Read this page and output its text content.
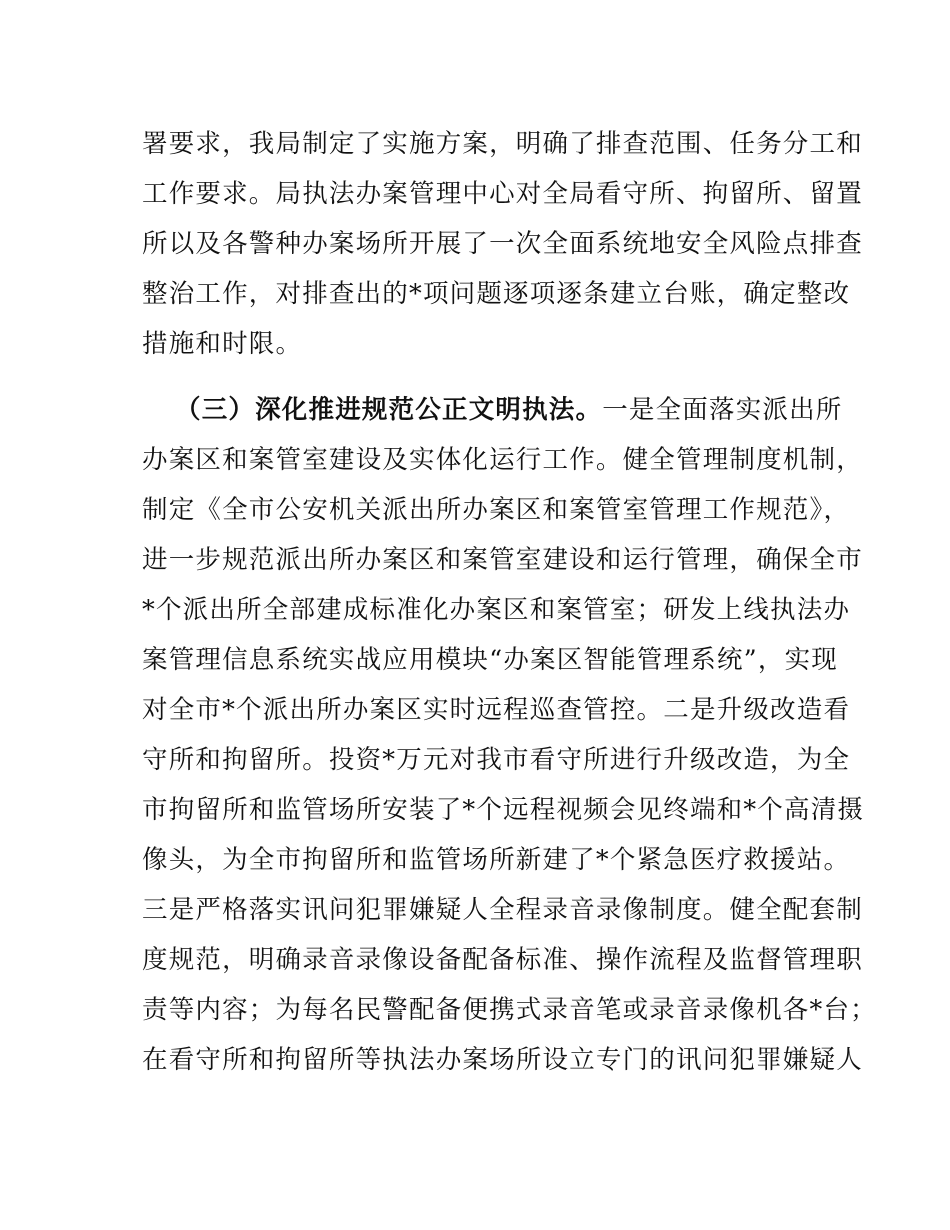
署要求，我局制定了实施方案，明确了排查范围、任务分工和
工作要求。局执法办案管理中心对全局看守所、拘留所、留置
所以及各警种办案场所开展了一次全面系统地安全风险点排查
整治工作，对排查出的*项问题逐项逐条建立台账，确定整改
措施和时限。
（三）深化推进规范公正文明执法。一是全面落实派出所
办案区和案管室建设及实体化运行工作。健全管理制度机制，
制定《全市公安机关派出所办案区和案管室管理工作规范》，
进一步规范派出所办案区和案管室建设和运行管理，确保全市
*个派出所全部建成标准化办案区和案管室；研发上线执法办
案管理信息系统实战应用模块“办案区智能管理系统”，实现
对全市*个派出所办案区实时远程巡查管控。二是升级改造看
守所和拘留所。投资*万元对我市看守所进行升级改造，为全
市拘留所和监管场所安装了*个远程视频会见终端和*个高清摄
像头，为全市拘留所和监管场所新建了*个紧急医疗救援站。
三是严格落实讯问犯罪嫌疑人全程录音录像制度。健全配套制
度规范，明确录音录像设备配备标准、操作流程及监督管理职
责等内容；为每名民警配备便携式录音笔或录音录像机各*台；
在看守所和拘留所等执法办案场所设立专门的讯问犯罪嫌疑人
